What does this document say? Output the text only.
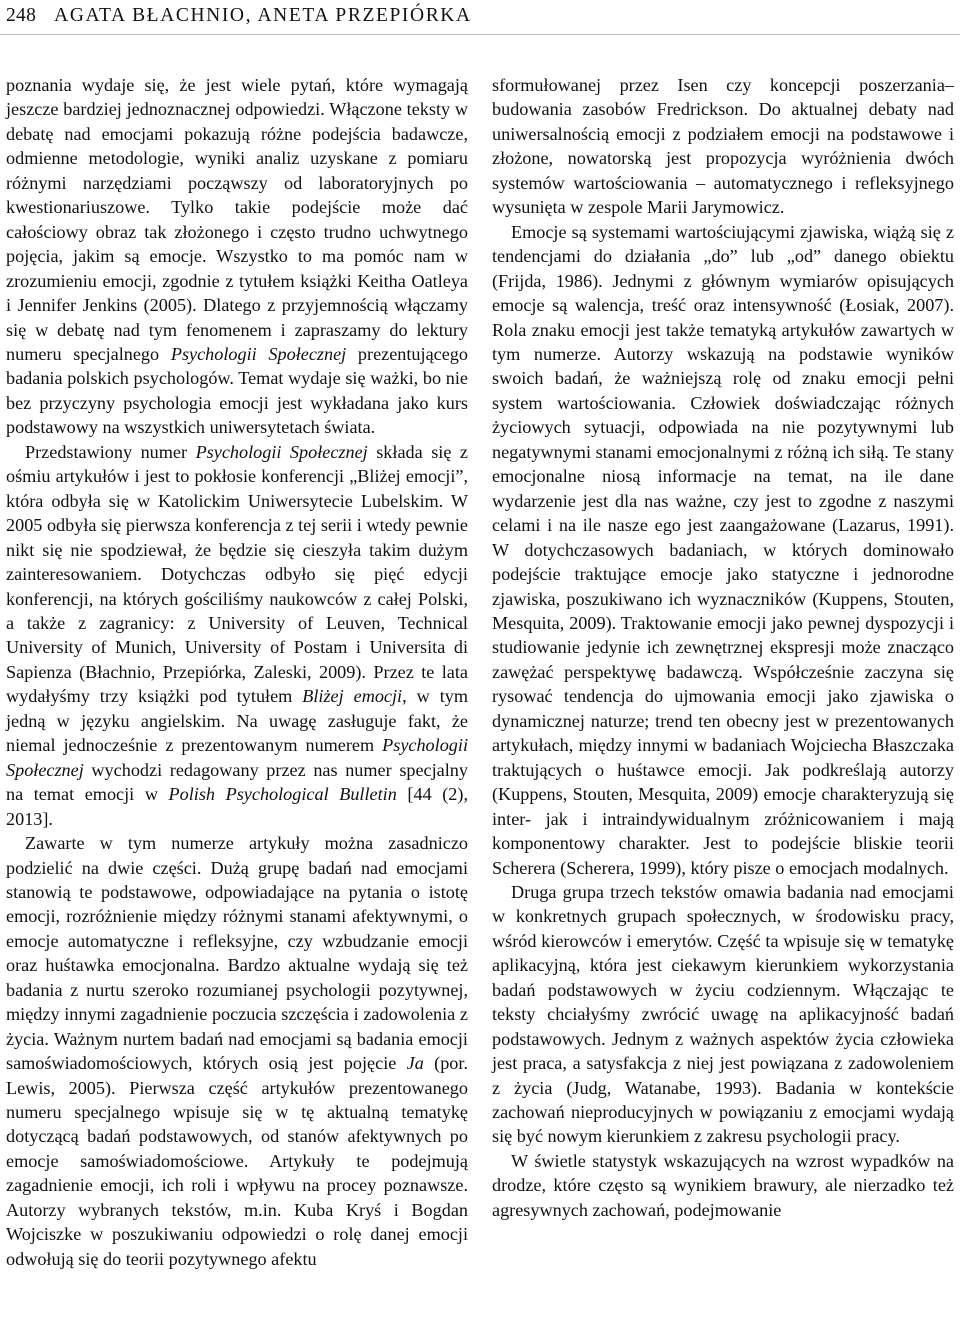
248 AGATA BŁACHNIO, ANETA PRZEPIÓRKA

poznania wydaje się, że jest wiele pytań, które wymagają jeszcze bardziej jednoznacznej odpowiedzi. Włączone teksty w debatę nad emocjami pokazują różne podejścia badawcze, odmienne metodologie, wyniki analiz uzyskane z pomiaru różnymi narzędziami począwszy od laboratoryjnych po kwestionariuszowe. Tylko takie podejście może dać całościowy obraz tak złożonego i często trudno uchwytnego pojęcia, jakim są emocje. Wszystko to ma pomóc nam w zrozumieniu emocji, zgodnie z tytułem książki Keitha Oatleya i Jennifer Jenkins (2005). Dlatego z przyjemnością włączamy się w debatę nad tym fenomenem i zapraszamy do lektury numeru specjalnego Psychologii Społecznej prezentującego badania polskich psychologów. Temat wydaje się ważki, bo nie bez przyczyny psychologia emocji jest wykładana jako kurs podstawowy na wszystkich uniwersytetach świata.

Przedstawiony numer Psychologii Społecznej składa się z ośmiu artykułów i jest to pokłosie konferencji „Bliżej emocji”, która odbyła się w Katolickim Uniwersytecie Lubelskim. W 2005 odbyła się pierwsza konferencja z tej serii i wtedy pewnie nikt się nie spodziewał, że będzie się cieszyła takim dużym zainteresowaniem. Dotychczas odbyło się pięć edycji konferencji, na których gościliśmy naukowców z całej Polski, a także z zagranicy: z University of Leuven, Technical University of Munich, University of Postam i Universita di Sapienza (Błachnio, Przepiórka, Zaleski, 2009). Przez te lata wydałyśmy trzy książki pod tytułem Bliżej emocji, w tym jedną w języku angielskim. Na uwagę zasługuje fakt, że niemal jednocześnie z prezentowanym numerem Psychologii Społecznej wychodzi redagowany przez nas numer specjalny na temat emocji w Polish Psychological Bulletin [44 (2), 2013].

Zawarte w tym numerze artykuły można zasadniczo podzielić na dwie części. Dużą grupę badań nad emocjami stanowią te podstawowe, odpowiadające na pytania o istotę emocji, rozróżnienie między różnymi stanami afektywnymi, o emocje automatyczne i refleksyjne, czy wzbudzanie emocji oraz huśtawka emocjonalna. Bardzo aktualne wydają się też badania z nurtu szeroko rozumianej psychologii pozytywnej, między innymi zagadnienie poczucia szczęścia i zadowolenia z życia. Ważnym nurtem badań nad emocjami są badania emocji samoświadomościowych, których osią jest pojęcie Ja (por. Lewis, 2005). Pierwsza część artykułów prezentowanego numeru specjalnego wpisuje się w tę aktualną tematykę dotyczącą badań podstawowych, od stanów afektywnych po emocje samoświadomościowe. Artykuły te podejmują zagadnienie emocji, ich roli i wpływu na procey poznawsze. Autorzy wybranych tekstów, m.in. Kuba Kryś i Bogdan Wojciszke w poszukiwaniu odpowiedzi o rolę danej emocji odwołują się do teorii pozytywnego afektu

sformułowanej przez Isen czy koncepcji poszerzania–budowania zasobów Fredrickson. Do aktualnej debaty nad uniwersalnością emocji z podziałem emocji na podstawowe i złożone, nowatorską jest propozycja wyróżnienia dwóch systemów wartościowania – automatycznego i refleksyjnego wysunięta w zespole Marii Jarymowicz.

Emocje są systemami wartościującymi zjawiska, wiążą się z tendencjami do działania „do” lub „od” danego obiektu (Frijda, 1986). Jednymi z głównym wymiarów opisujących emocje są walencja, treść oraz intensywność (Łosiak, 2007). Rola znaku emocji jest także tematyką artykułów zawartych w tym numerze. Autorzy wskazują na podstawie wyników swoich badań, że ważniejszą rolę od znaku emocji pełni system wartościowania. Człowiek doświadczając różnych życiowych sytuacji, odpowiada na nie pozytywnymi lub negatywnymi stanami emocjonalnymi z różną ich siłą. Te stany emocjonalne niosą informacje na temat, na ile dane wydarzenie jest dla nas ważne, czy jest to zgodne z naszymi celami i na ile nasze ego jest zaangażowane (Lazarus, 1991). W dotychczasowych badaniach, w których dominowało podejście traktujące emocje jako statyczne i jednorodne zjawiska, poszukiwano ich wyznaczników (Kuppens, Stouten, Mesquita, 2009). Traktowanie emocji jako pewnej dyspozycji i studiowanie jedynie ich zewnętrznej ekspresji może znacząco zawężać perspektywę badawczą. Współcześnie zaczyna się rysować tendencja do ujmowania emocji jako zjawiska o dynamicznej naturze; trend ten obecny jest w prezentowanych artykułach, między innymi w badaniach Wojciecha Błaszczaka traktujących o huśtawce emocji. Jak podkreślają autorzy (Kuppens, Stouten, Mesquita, 2009) emocje charakteryzują się inter- jak i intraindywidualnym zróżnicowaniem i mają komponentowy charakter. Jest to podejście bliskie teorii Scherera (Scherera, 1999), który pisze o emocjach modalnych.

Druga grupa trzech tekstów omawia badania nad emocjami w konkretnych grupach społecznych, w środowisku pracy, wśród kierowców i emerytów. Część ta wpisuje się w tematykę aplikacyjną, która jest ciekawym kierunkiem wykorzystania badań podstawowych w życiu codziennym. Włączając te teksty chciałyśmy zwrócić uwagę na aplikacyjność badań podstawowych. Jednym z ważnych aspektów życia człowieka jest praca, a satysfakcja z niej jest powiązana z zadowoleniem z życia (Judg, Watanabe, 1993). Badania w kontekście zachowań nieproducyjnych w powiązaniu z emocjami wydają się być nowym kierunkiem z zakresu psychologii pracy.

W świetle statystyk wskazujących na wzrost wypadków na drodze, które często są wynikiem brawury, ale nierzadko też agresywnych zachowań, podejmowanie
